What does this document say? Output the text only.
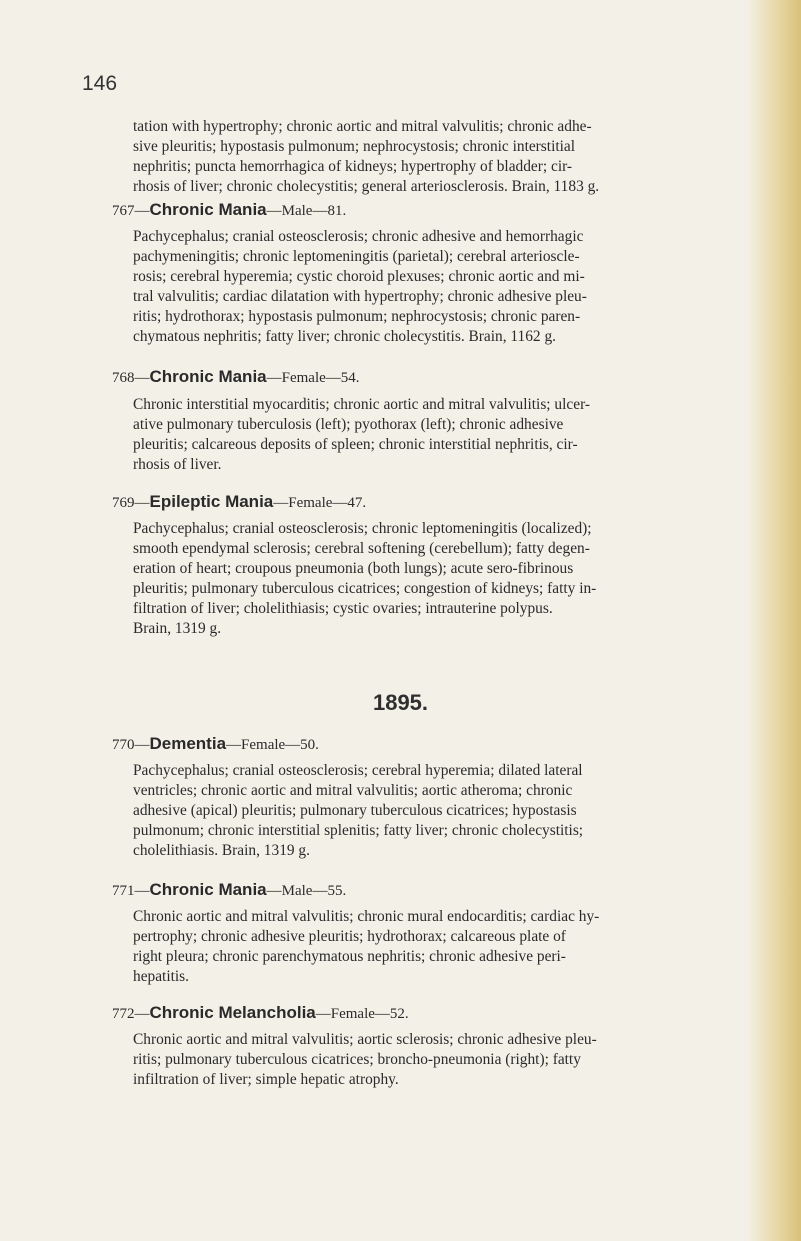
146

tation with hypertrophy; chronic aortic and mitral valvulitis; chronic adhe-
sive pleuritis; hypostasis pulmonum; nephrocystosis; chronic interstitial
nephritis; puncta hemorrhagica of kidneys; hypertrophy of bladder; cir-
rhosis of liver; chronic cholecystitis; general arteriosclerosis. Brain, 1183 g.

767—Chronic Mania—Male—81.

Pachycephalus; cranial osteosclerosis; chronic adhesive and hemorrhagic
pachymeningitis; chronic leptomeningitis (parietal); cerebral arterioscle-
rosis; cerebral hyperemia; cystic choroid plexuses; chronic aortic and mi-
tral valvulitis; cardiac dilatation with hypertrophy; chronic adhesive pleu-
ritis; hydrothorax; hypostasis pulmonum; nephrocystosis; chronic paren-
chymatous nephritis; fatty liver; chronic cholecystitis. Brain, 1162 g.

768—Chronic Mania—Female—54.

Chronic interstitial myocarditis; chronic aortic and mitral valvulitis; ulcer-
ative pulmonary tuberculosis (left); pyothorax (left); chronic adhesive
pleuritis; calcareous deposits of spleen; chronic interstitial nephritis, cir-
rhosis of liver.

769—Epileptic Mania—Female—47.

Pachycephalus; cranial osteosclerosis; chronic leptomeningitis (localized);
smooth ependymal sclerosis; cerebral softening (cerebellum); fatty degen-
eration of heart; croupous pneumonia (both lungs); acute sero-fibrinous
pleuritis; pulmonary tuberculous cicatrices; congestion of kidneys; fatty in-
filtration of liver; cholelithiasis; cystic ovaries; intrauterine polypus.
Brain, 1319 g.

1895.
770—Dementia—Female—50.

Pachycephalus; cranial osteosclerosis; cerebral hyperemia; dilated lateral
ventricles; chronic aortic and mitral valvulitis; aortic atheroma; chronic
adhesive (apical) pleuritis; pulmonary tuberculous cicatrices; hypostasis
pulmonum; chronic interstitial splenitis; fatty liver; chronic cholecystitis;
cholelithiasis. Brain, 1319 g.

771—Chronic Mania—Male—55.

Chronic aortic and mitral valvulitis; chronic mural endocarditis; cardiac hy-
pertrophy; chronic adhesive pleuritis; hydrothorax; calcareous plate of
right pleura; chronic parenchymatous nephritis; chronic adhesive peri-
hepatitis.

772—Chronic Melancholia—Female—52.

Chronic aortic and mitral valvulitis; aortic sclerosis; chronic adhesive pleu-
ritis; pulmonary tuberculous cicatrices; broncho-pneumonia (right); fatty
infiltration of liver; simple hepatic atrophy.
